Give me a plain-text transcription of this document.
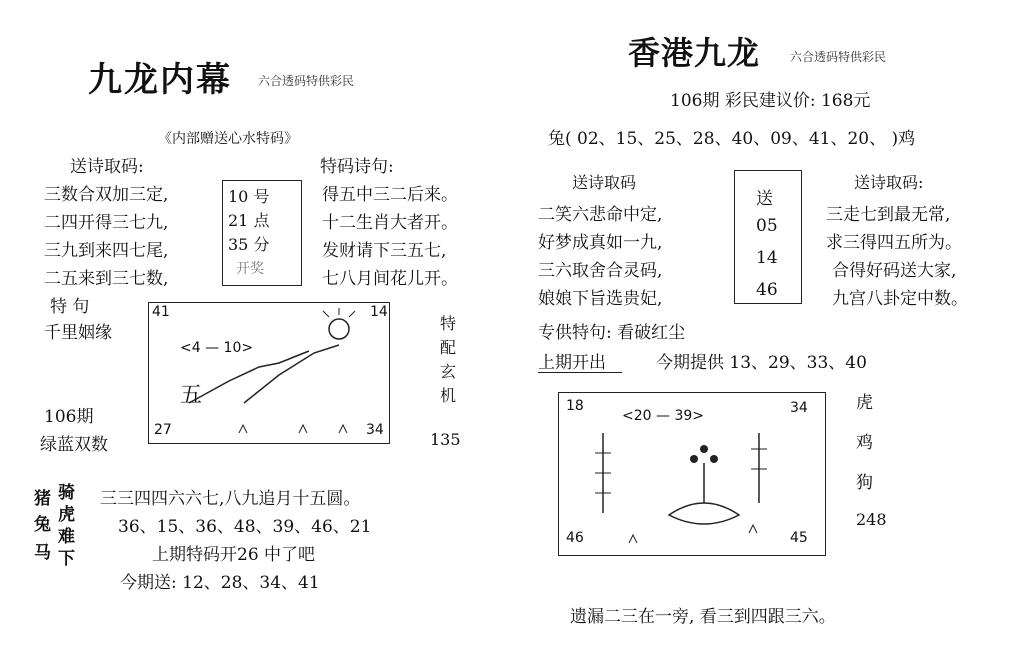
九龙内幕 六合透码特供彩民
《内部赠送心水特码》
送诗取码:
三数合双加三定,
二四开得三七九,
三九到来四七尾,
二五来到三七数,
10 号
21 点
35 分
开奖
特码诗句:
得五中三二后来。
十二生肖大者开。
发财请下三五七,
七八月间花儿开。
特 句
千里姻缘
41	14
27	34
<4 — 10>
五
特配玄机
135
106期
绿蓝双数
猪 骑
兔 虎
难
马 下
三三四四六六七,八九追月十五圆。
36、15、36、48、39、46、21
上期特码开26 中了吧
今期送: 12、28、34、41
香港九龙 六合透码特供彩民
106期 彩民建议价: 168元
兔( 02、15、25、28、40、09、41、20、 )鸡
送诗取码
二笑六悲命中定,
好梦成真如一九,
三六取舍合灵码,
娘娘下旨选贵妃,
送
05
14
46
送诗取码:
三走七到最无常,
求三得四五所为。
合得好码送大家,
九宫八卦定中数。
专供特句: 看破红尘
上期开出	今期提供 13、29、33、40
18	34
46	45
<20 — 39>
虎
鸡
狗
248
遗漏二三在一旁, 看三到四跟三六。
